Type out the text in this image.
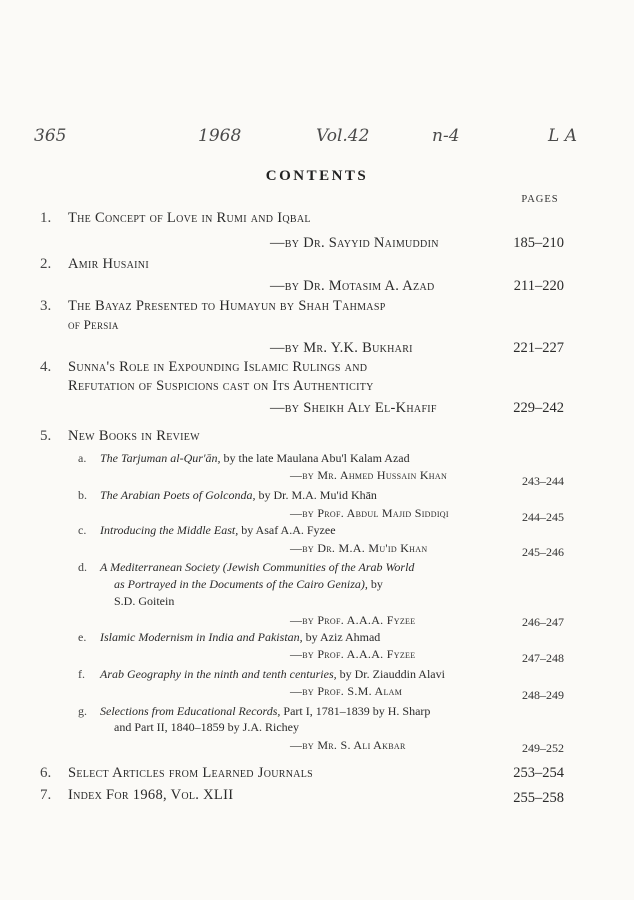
365	1968	Vol.42	n-4	L A
CONTENTS
PAGES
1. The Concept of Love in Rumi and Iqbal
—by Dr. Sayyid Naimuddin	185–210
2. Amir Husaini
—by Dr. Motasim A. Azad	211–220
3. The Bayaz Presented to Humayun by Shah Tahmasp
of Persia
—by Mr. Y.K. Bukhari	221–227
4. Sunna's Role in Expounding Islamic Rulings and
Refutation of Suspicions cast on Its Authenticity
—by Sheikh Aly El-Khafif	229–242
5. New Books in Review
a. The Tarjuman al-Qur'ān, by the late Maulana Abu'l Kalam Azad
—by Mr. Ahmed Hussain Khan	243–244
b. The Arabian Poets of Golconda, by Dr. M.A. Mu'id Khān
—by Prof. Abdul Majid Siddiqi	244–245
c. Introducing the Middle East, by Asaf A.A. Fyzee
—by Dr. M.A. Mu'id Khan	245–246
d. A Mediterranean Society (Jewish Communities of the Arab World
as Portrayed in the Documents of the Cairo Geniza), by
S.D. Goitein
—by Prof. A.A.A. Fyzee	246–247
e. Islamic Modernism in India and Pakistan, by Aziz Ahmad
—by Prof. A.A.A. Fyzee	247–248
f. Arab Geography in the ninth and tenth centuries, by Dr. Ziauddin Alavi
—by Prof. S.M. Alam	248–249
g. Selections from Educational Records, Part I, 1781–1839 by H. Sharp
and Part II, 1840–1859 by J.A. Richey
—by Mr. S. Ali Akbar	249–252
6. Select Articles from Learned Journals	253–254
7. Index For 1968, Vol. XLII	255–258
